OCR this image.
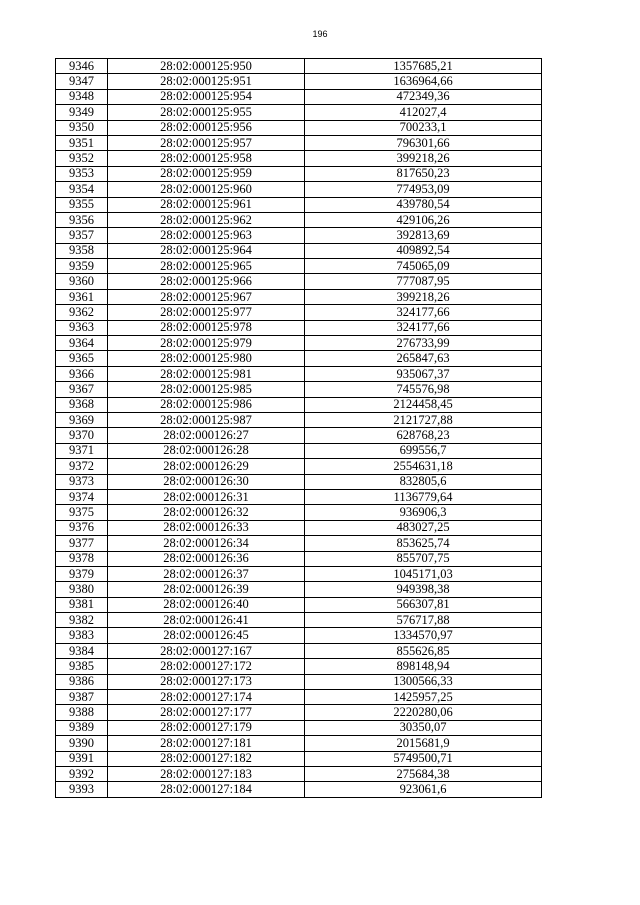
196
9346	28:02:000125:950	1357685,21
9347	28:02:000125:951	1636964,66
9348	28:02:000125:954	472349,36
9349	28:02:000125:955	412027,4
9350	28:02:000125:956	700233,1
9351	28:02:000125:957	796301,66
9352	28:02:000125:958	399218,26
9353	28:02:000125:959	817650,23
9354	28:02:000125:960	774953,09
9355	28:02:000125:961	439780,54
9356	28:02:000125:962	429106,26
9357	28:02:000125:963	392813,69
9358	28:02:000125:964	409892,54
9359	28:02:000125:965	745065,09
9360	28:02:000125:966	777087,95
9361	28:02:000125:967	399218,26
9362	28:02:000125:977	324177,66
9363	28:02:000125:978	324177,66
9364	28:02:000125:979	276733,99
9365	28:02:000125:980	265847,63
9366	28:02:000125:981	935067,37
9367	28:02:000125:985	745576,98
9368	28:02:000125:986	2124458,45
9369	28:02:000125:987	2121727,88
9370	28:02:000126:27	628768,23
9371	28:02:000126:28	699556,7
9372	28:02:000126:29	2554631,18
9373	28:02:000126:30	832805,6
9374	28:02:000126:31	1136779,64
9375	28:02:000126:32	936906,3
9376	28:02:000126:33	483027,25
9377	28:02:000126:34	853625,74
9378	28:02:000126:36	855707,75
9379	28:02:000126:37	1045171,03
9380	28:02:000126:39	949398,38
9381	28:02:000126:40	566307,81
9382	28:02:000126:41	576717,88
9383	28:02:000126:45	1334570,97
9384	28:02:000127:167	855626,85
9385	28:02:000127:172	898148,94
9386	28:02:000127:173	1300566,33
9387	28:02:000127:174	1425957,25
9388	28:02:000127:177	2220280,06
9389	28:02:000127:179	30350,07
9390	28:02:000127:181	2015681,9
9391	28:02:000127:182	5749500,71
9392	28:02:000127:183	275684,38
9393	28:02:000127:184	923061,6
